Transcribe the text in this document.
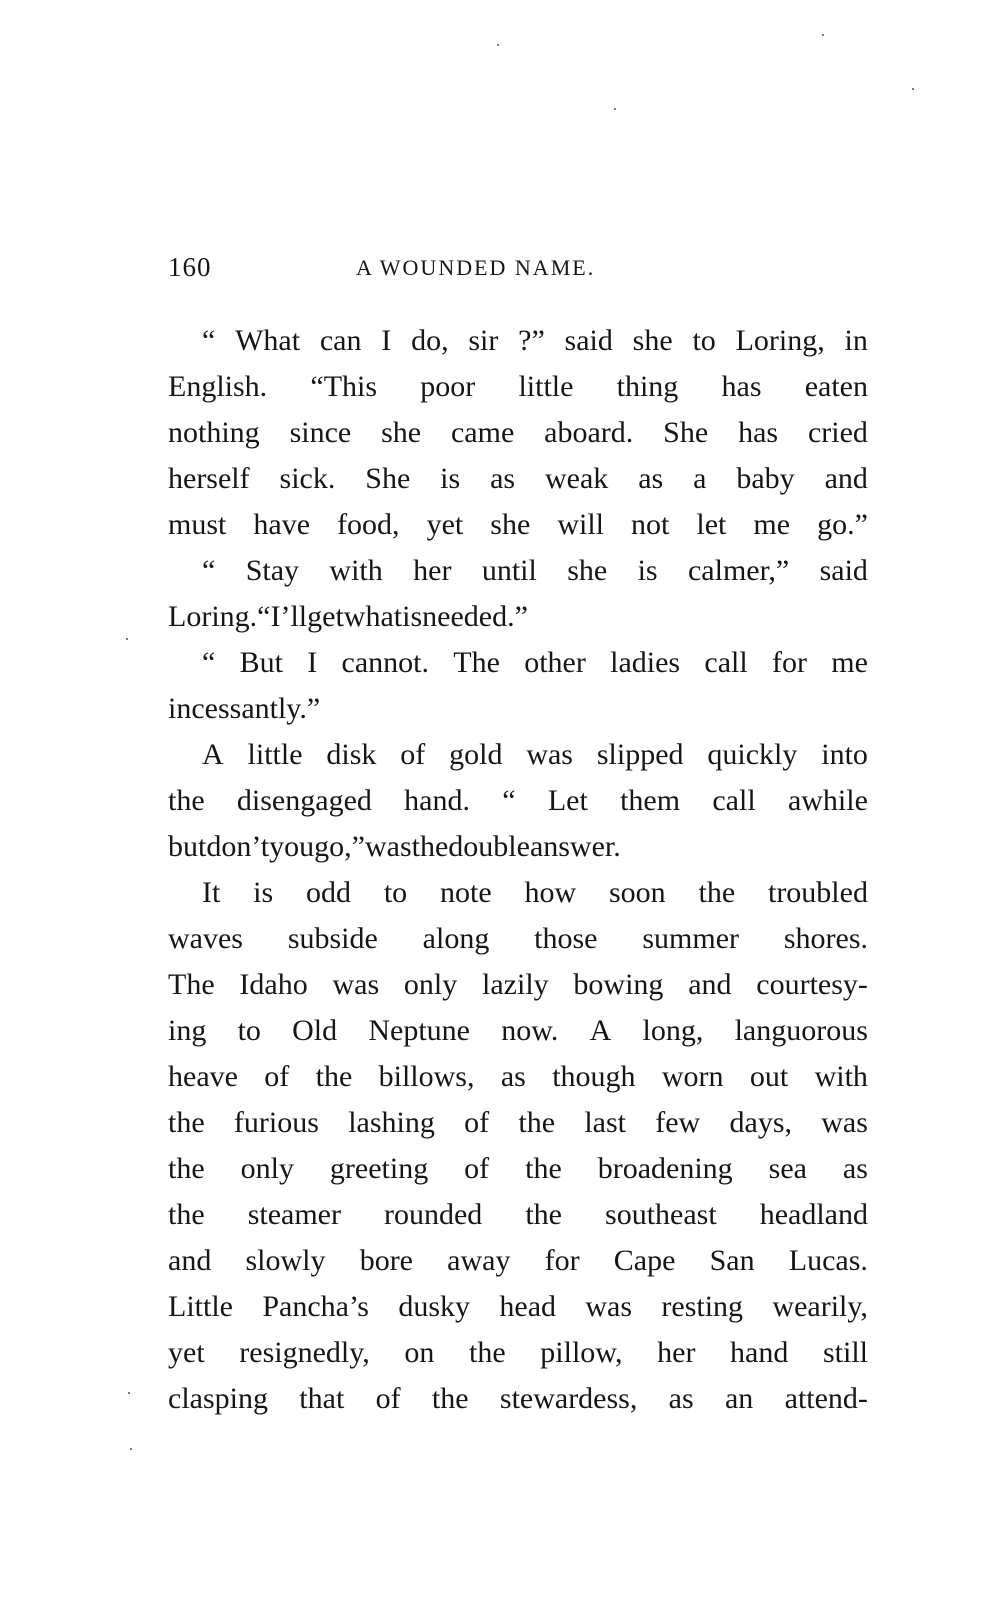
160	A WOUNDED NAME.
“ What can I do, sir ?” said she to Loring, in
English. “This poor little thing has eaten
nothing since she came aboard. She has cried
herself sick. She is as weak as a baby and
must have food, yet she will not let me go.”
“ Stay with her until she is calmer,” said
Loring. “ I’ll get what is needed.”
“ But I cannot. The other ladies call for me
incessantly.”
A little disk of gold was slipped quickly into
the disengaged hand. “ Let them call awhile
but don’t you go,” was the double answer.
It is odd to note how soon the troubled
waves subside along those summer shores.
The Idaho was only lazily bowing and courtesy-
ing to Old Neptune now. A long, languorous
heave of the billows, as though worn out with
the furious lashing of the last few days, was
the only greeting of the broadening sea as
the steamer rounded the southeast headland
and slowly bore away for Cape San Lucas.
Little Pancha’s dusky head was resting wearily,
yet resignedly, on the pillow, her hand still
clasping that of the stewardess, as an attend-
